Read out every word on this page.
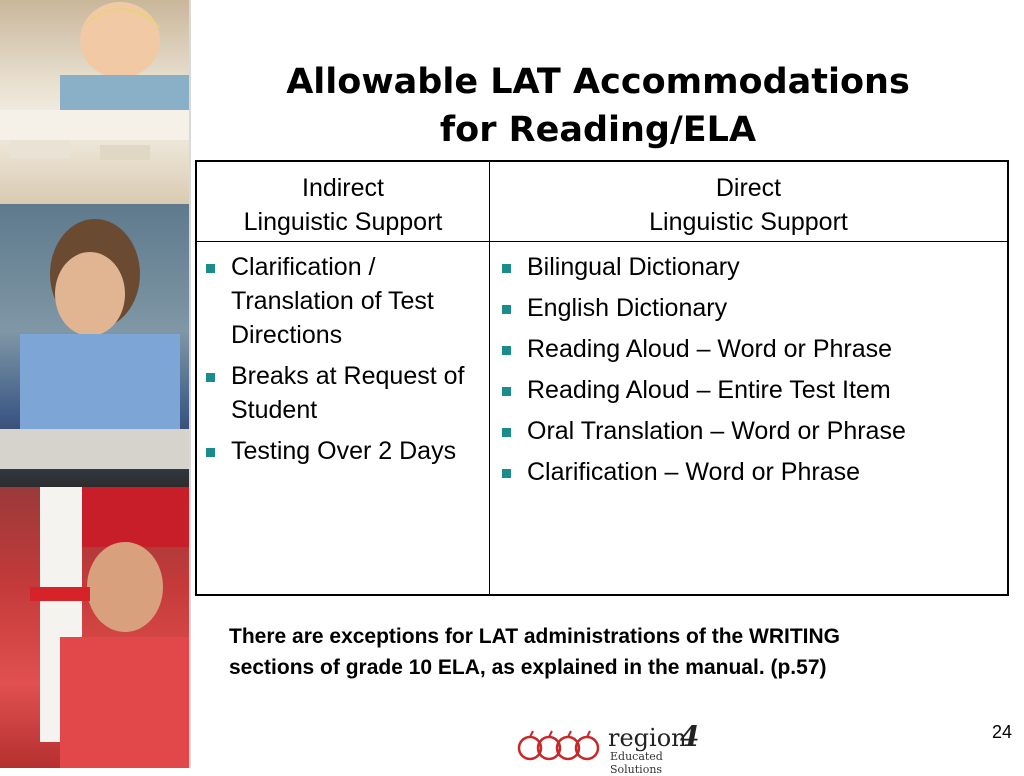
Allowable LAT Accommodations
for Reading/ELA
Indirect
Linguistic Support
Direct
Linguistic Support
Clarification / Translation of Test Directions
Breaks at Request of Student
Testing Over 2 Days
Bilingual Dictionary
English Dictionary
Reading Aloud – Word or Phrase
Reading Aloud – Entire Test Item
Oral Translation – Word or Phrase
Clarification – Word or Phrase
There are exceptions for LAT administrations of the WRITING sections of grade 10 ELA, as explained in the manual. (p.57)
region
4
Educated Solutions
24
